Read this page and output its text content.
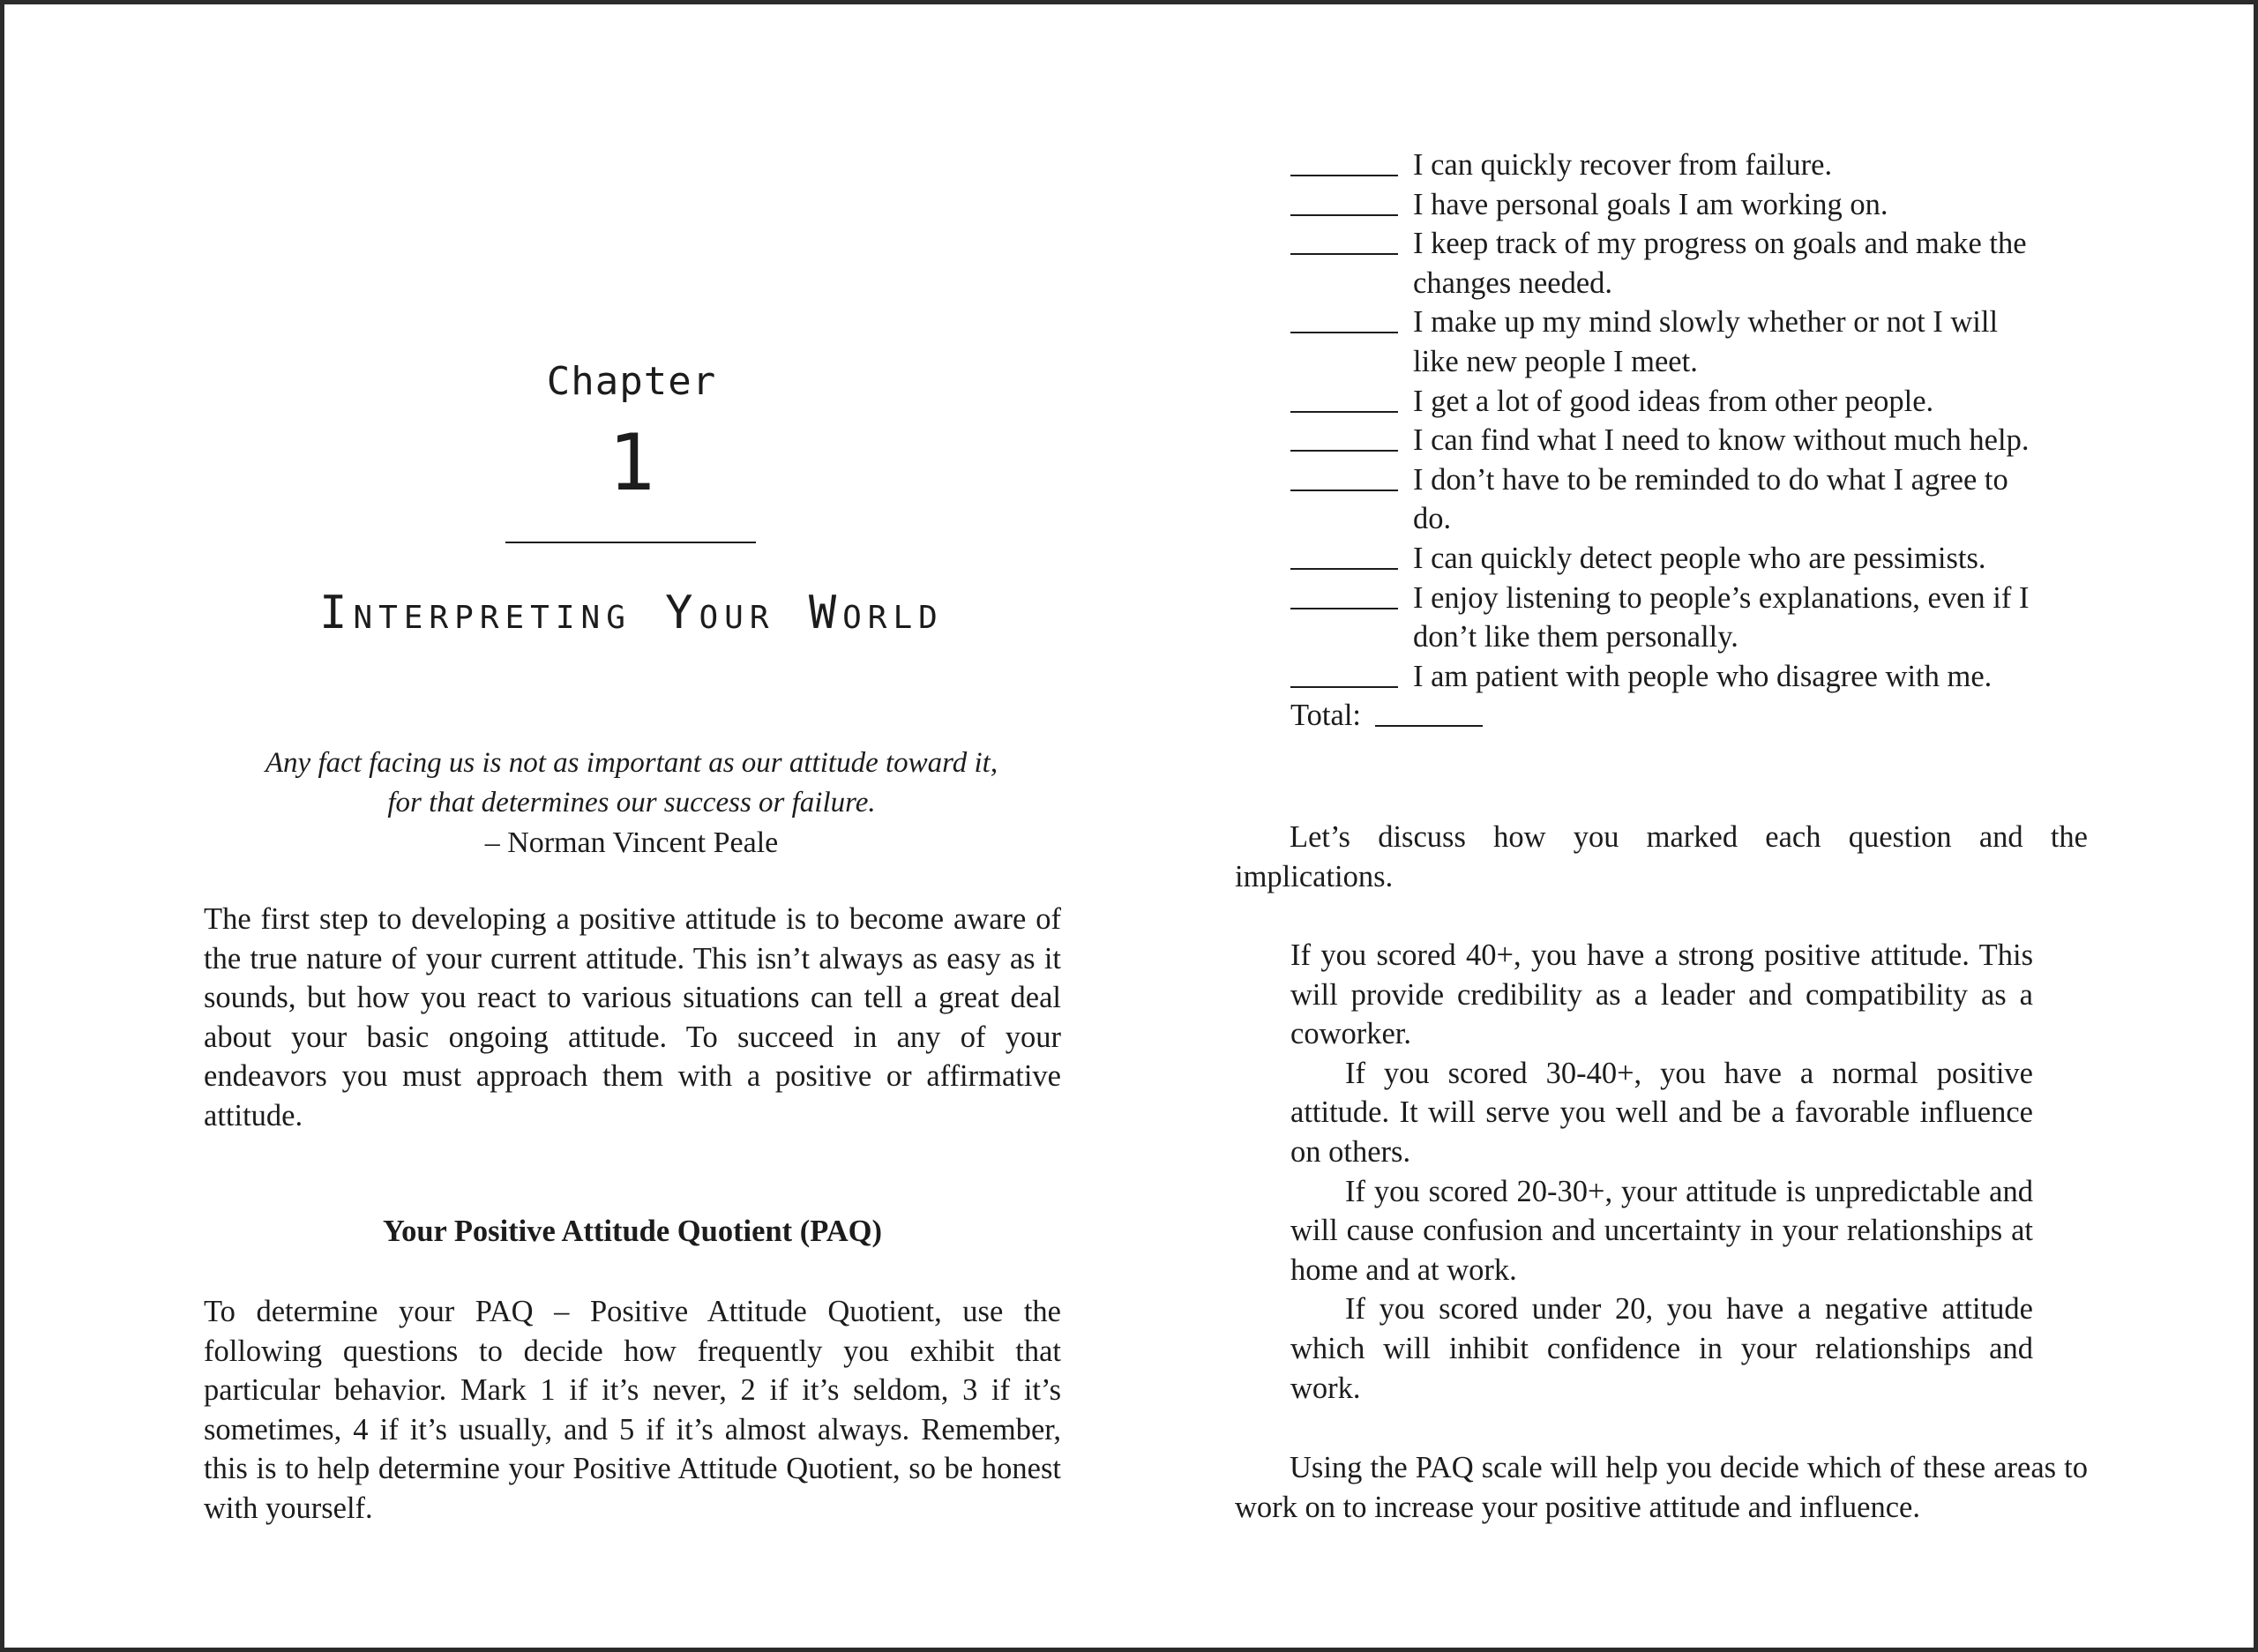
Chapter
1
Interpreting Your World
Any fact facing us is not as important as our attitude toward it,
for that determines our success or failure.
– Norman Vincent Peale
The first step to developing a positive attitude is to become aware of the true nature of your current attitude. This isn’t always as easy as it sounds, but how you react to various situations can tell a great deal about your basic ongoing attitude. To succeed in any of your endeavors you must approach them with a positive or affirmative attitude.
Your Positive Attitude Quotient (PAQ)
To determine your PAQ – Positive Attitude Quotient, use the following questions to decide how frequently you exhibit that particular behavior. Mark 1 if it’s never, 2 if it’s seldom, 3 if it’s sometimes, 4 if it’s usually, and 5 if it’s almost always. Remember, this is to help determine your Positive Attitude Quotient, so be honest with yourself.
I can quickly recover from failure.
I have personal goals I am working on.
I keep track of my progress on goals and make the changes needed.
I make up my mind slowly whether or not I will like new people I meet.
I get a lot of good ideas from other people.
I can find what I need to know without much help.
I don’t have to be reminded to do what I agree to do.
I can quickly detect people who are pessimists.
I enjoy listening to people’s explanations, even if I don’t like them personally.
I am patient with people who disagree with me.
Total:
Let’s discuss how you marked each question and the implications.

If you scored 40+, you have a strong positive attitude. This will provide credibility as a leader and compatibility as a coworker.

If you scored 30-40+, you have a normal positive attitude. It will serve you well and be a favorable influence on others.

If you scored 20-30+, your attitude is unpredictable and will cause confusion and uncertainty in your relationships at home and at work.

If you scored under 20, you have a negative attitude which will inhibit confidence in your relationships and work.

Using the PAQ scale will help you decide which of these areas to work on to increase your positive attitude and influence.
